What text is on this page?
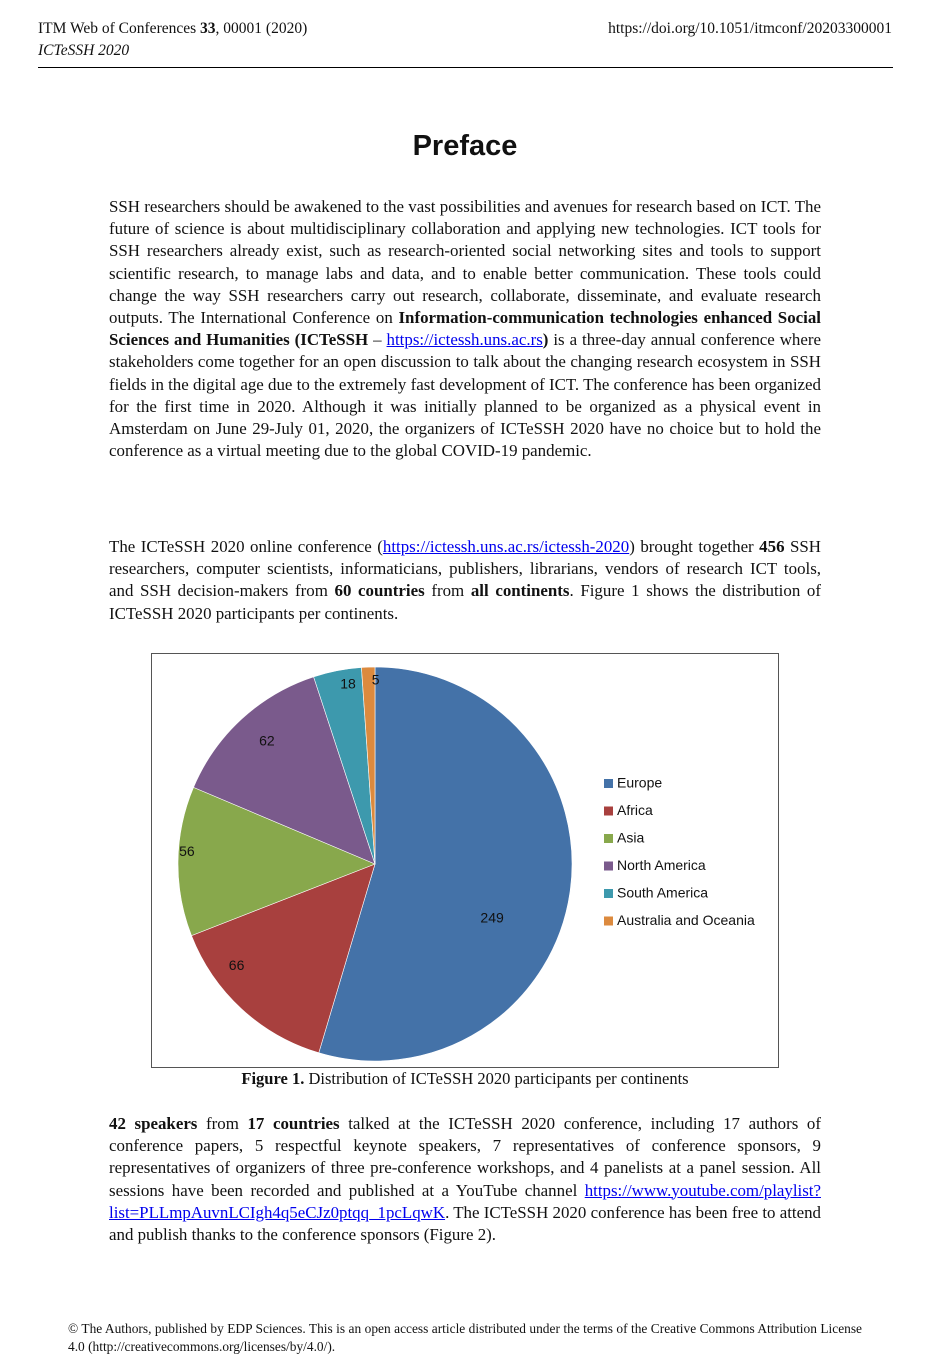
ITM Web of Conferences 33, 00001 (2020)	https://doi.org/10.1051/itmconf/20203300001
ICTeSSH 2020
Preface

SSH researchers should be awakened to the vast possibilities and avenues for research based on ICT. The future of science is about multidisciplinary collaboration and applying new technologies. ICT tools for SSH researchers already exist, such as research-oriented social networking sites and tools to support scientific research, to manage labs and data, and to enable better communication. These tools could change the way SSH researchers carry out research, collaborate, disseminate, and evaluate research outputs. The International Conference on Information-communication technologies enhanced Social Sciences and Humanities (ICTeSSH – https://ictessh.uns.ac.rs) is a three-day annual conference where stakeholders come together for an open discussion to talk about the changing research ecosystem in SSH fields in the digital age due to the extremely fast development of ICT. The conference has been organized for the first time in 2020. Although it was initially planned to be organized as a physical event in Amsterdam on June 29-July 01, 2020, the organizers of ICTeSSH 2020 have no choice but to hold the conference as a virtual meeting due to the global COVID-19 pandemic.

The ICTeSSH 2020 online conference (https://ictessh.uns.ac.rs/ictessh-2020) brought together 456 SSH researchers, computer scientists, informaticians, publishers, librarians, vendors of research ICT tools, and SSH decision-makers from 60 countries from all continents. Figure 1 shows the distribution of ICTeSSH 2020 participants per continents.

249
66
56
62
18 5
Europe
Africa
Asia
North America
South America
Australia and Oceania
Figure 1. Distribution of ICTeSSH 2020 participants per continents

42 speakers from 17 countries talked at the ICTeSSH 2020 conference, including 17 authors of conference papers, 5 respectful keynote speakers, 7 representatives of conference sponsors, 9 representatives of organizers of three pre-conference workshops, and 4 panelists at a panel session. All sessions have been recorded and published at a YouTube channel https://www.youtube.com/playlist?list=PLLmpAuvnLCIgh4q5eCJz0ptqq_1pcLqwK. The ICTeSSH 2020 conference has been free to attend and publish thanks to the conference sponsors (Figure 2).

© The Authors, published by EDP Sciences. This is an open access article distributed under the terms of the Creative Commons Attribution License 4.0 (http://creativecommons.org/licenses/by/4.0/).
